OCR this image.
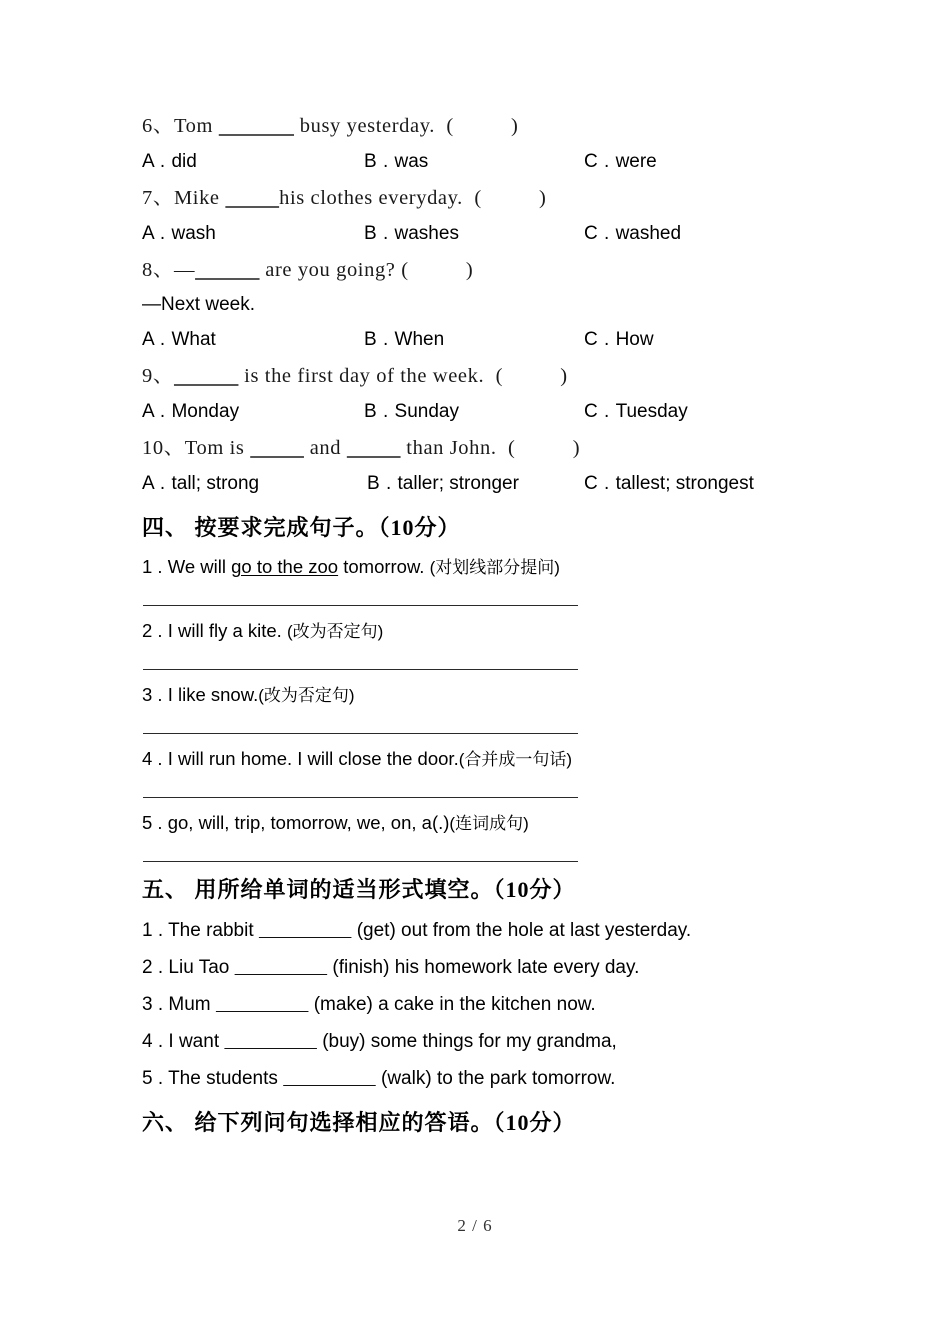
6、Tom	busy yesterday.  (          )
A . did	B . was	C . were
7、Mike	his clothes everyday.  (          )
A . wash	B . washes	C . washed
8、—	are you going? (          )
—Next week.
A . What	B . When	C . How
9、	is the first day of the week.  (          )
A . Monday	B . Sunday	C . Tuesday
10、Tom is	and	than John.  (          )
A . tall; strong	B . taller; stronger	C . tallest; strongest
四、 按要求完成句子。（10分）
1 . We will go to the zoo tomorrow. (对划线部分提问)
2 . I will fly a kite. (改为否定句)
3 . I like snow.(改为否定句)
4 . I will run home. I will close the door.(合并成一句话)
5 . go, will, trip, tomorrow, we, on, a(.)(连词成句)
五、 用所给单词的适当形式填空。（10分）
1 . The rabbit	(get) out from the hole at last yesterday.
2 . Liu Tao	(finish) his homework late every day.
3 . Mum	(make) a cake in the kitchen now.
4 . I want	(buy) some things for my grandma,
5 . The students	(walk) to the park tomorrow.
六、 给下列问句选择相应的答语。（10分）
2 / 6
